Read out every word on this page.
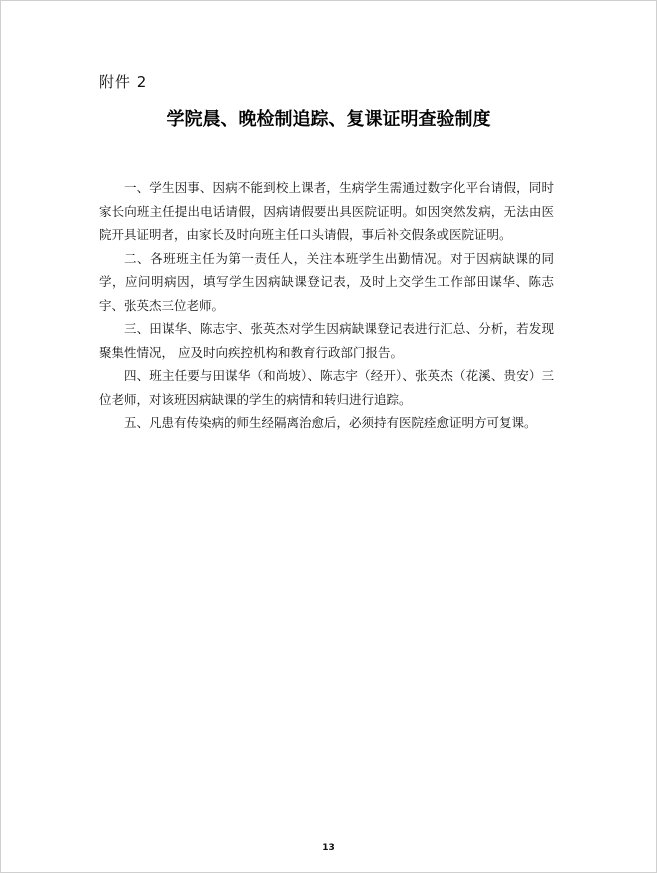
附件 2
学院晨、晚检制追踪、复课证明查验制度

一、学生因事、因病不能到校上课者，生病学生需通过数字化平台请假，同时家长向班主任提出电话请假，因病请假要出具医院证明。如因突然发病，无法由医院开具证明者，由家长及时向班主任口头请假，事后补交假条或医院证明。

二、各班班主任为第一责任人，关注本班学生出勤情况。对于因病缺课的同学，应问明病因，填写学生因病缺课登记表，及时上交学生工作部田谋华、陈志宇、张英杰三位老师。

三、田谋华、陈志宇、张英杰对学生因病缺课登记表进行汇总、分析，若发现聚集性情况， 应及时向疾控机构和教育行政部门报告。

四、班主任要与田谋华（和尚坡）、陈志宇（经开）、张英杰（花溪、贵安）三位老师，对该班因病缺课的学生的病情和转归进行追踪。

五、凡患有传染病的师生经隔离治愈后，必须持有医院痊愈证明方可复课。

13
